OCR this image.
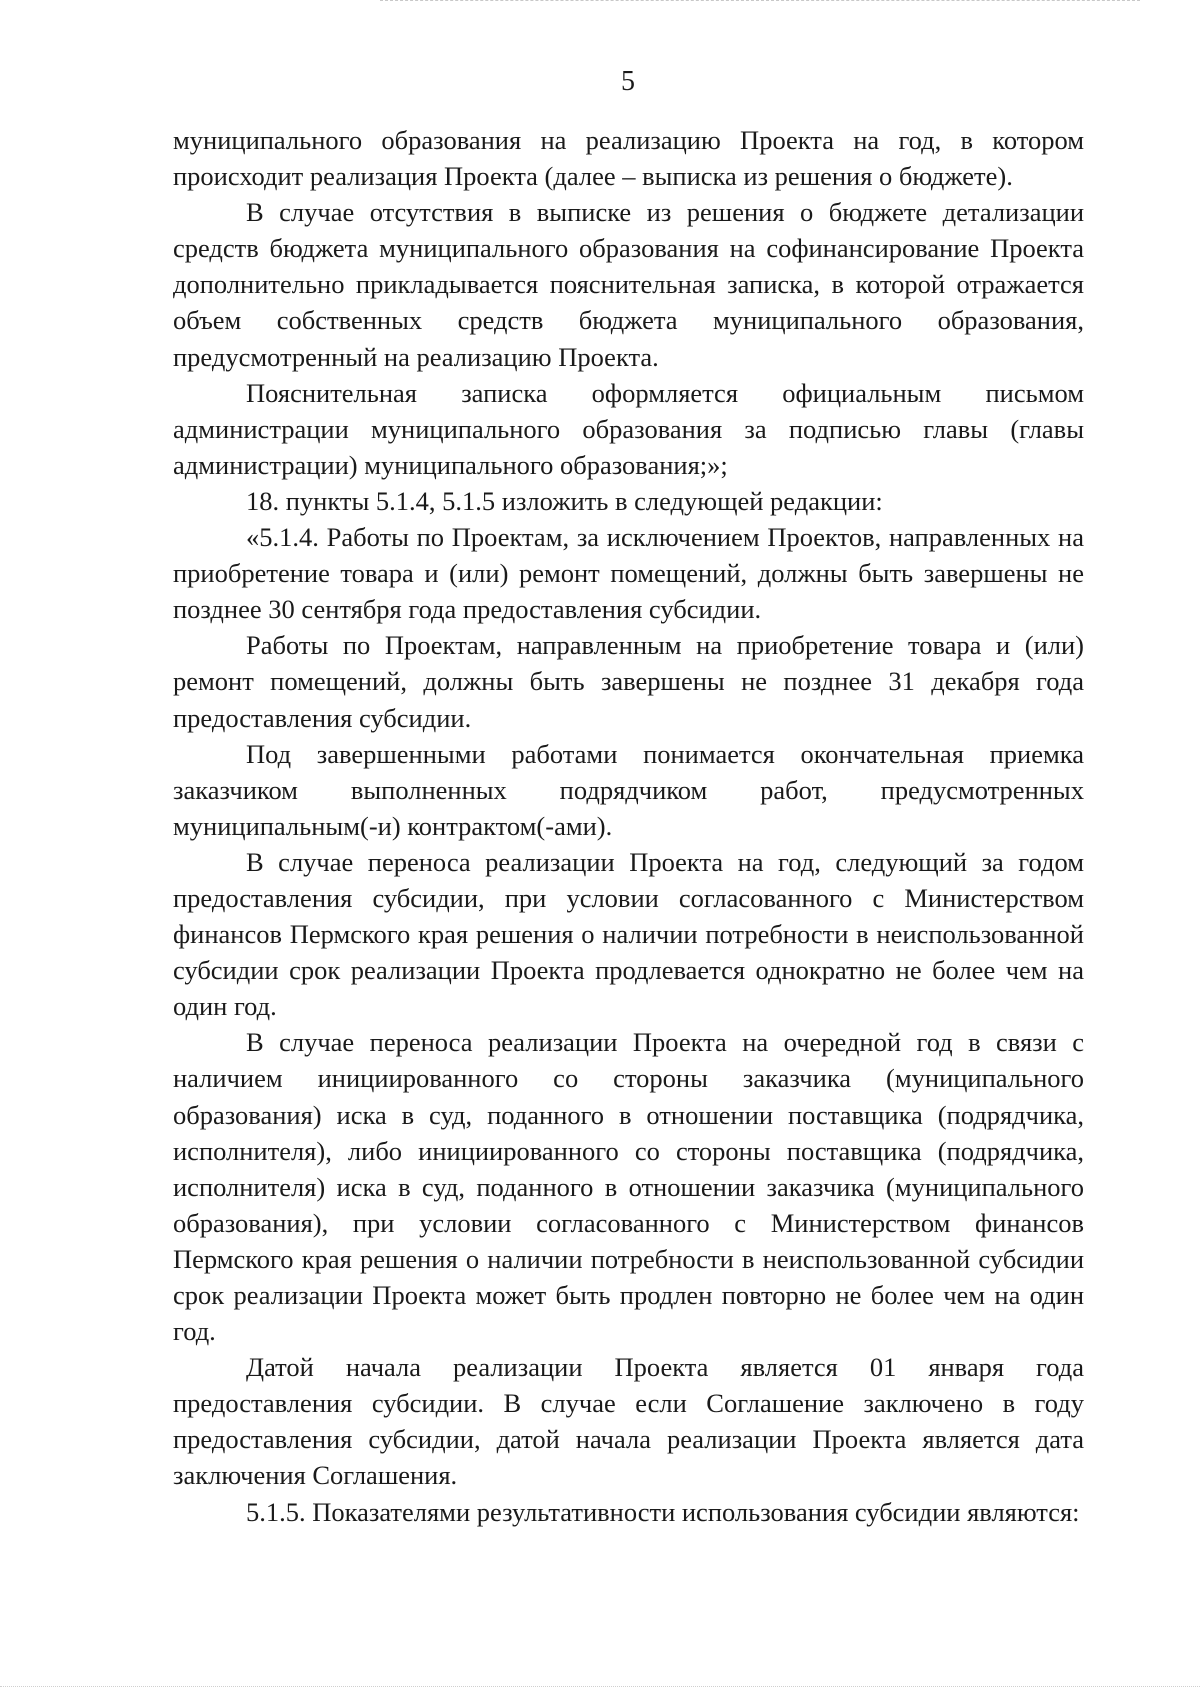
5

муниципального образования на реализацию Проекта на год, в котором происходит реализация Проекта (далее – выписка из решения о бюджете).

В случае отсутствия в выписке из решения о бюджете детализации средств бюджета муниципального образования на софинансирование Проекта дополнительно прикладывается пояснительная записка, в которой отражается объем собственных средств бюджета муниципального образования, предусмотренный на реализацию Проекта.

Пояснительная записка оформляется официальным письмом администрации муниципального образования за подписью главы (главы администрации) муниципального образования;»;

18. пункты 5.1.4, 5.1.5 изложить в следующей редакции:

«5.1.4. Работы по Проектам, за исключением Проектов, направленных на приобретение товара и (или) ремонт помещений, должны быть завершены не позднее 30 сентября года предоставления субсидии.

Работы по Проектам, направленным на приобретение товара и (или) ремонт помещений, должны быть завершены не позднее 31 декабря года предоставления субсидии.

Под завершенными работами понимается окончательная приемка заказчиком выполненных подрядчиком работ, предусмотренных муниципальным(-и) контрактом(-ами).

В случае переноса реализации Проекта на год, следующий за годом предоставления субсидии, при условии согласованного с Министерством финансов Пермского края решения о наличии потребности в неиспользованной субсидии срок реализации Проекта продлевается однократно не более чем на один год.

В случае переноса реализации Проекта на очередной год в связи с наличием инициированного со стороны заказчика (муниципального образования) иска в суд, поданного в отношении поставщика (подрядчика, исполнителя), либо инициированного со стороны поставщика (подрядчика, исполнителя) иска в суд, поданного в отношении заказчика (муниципального образования), при условии согласованного с Министерством финансов Пермского края решения о наличии потребности в неиспользованной субсидии срок реализации Проекта может быть продлен повторно не более чем на один год.

Датой начала реализации Проекта является 01 января года предоставления субсидии. В случае если Соглашение заключено в году предоставления субсидии, датой начала реализации Проекта является дата заключения Соглашения.

5.1.5. Показателями результативности использования субсидии являются:
